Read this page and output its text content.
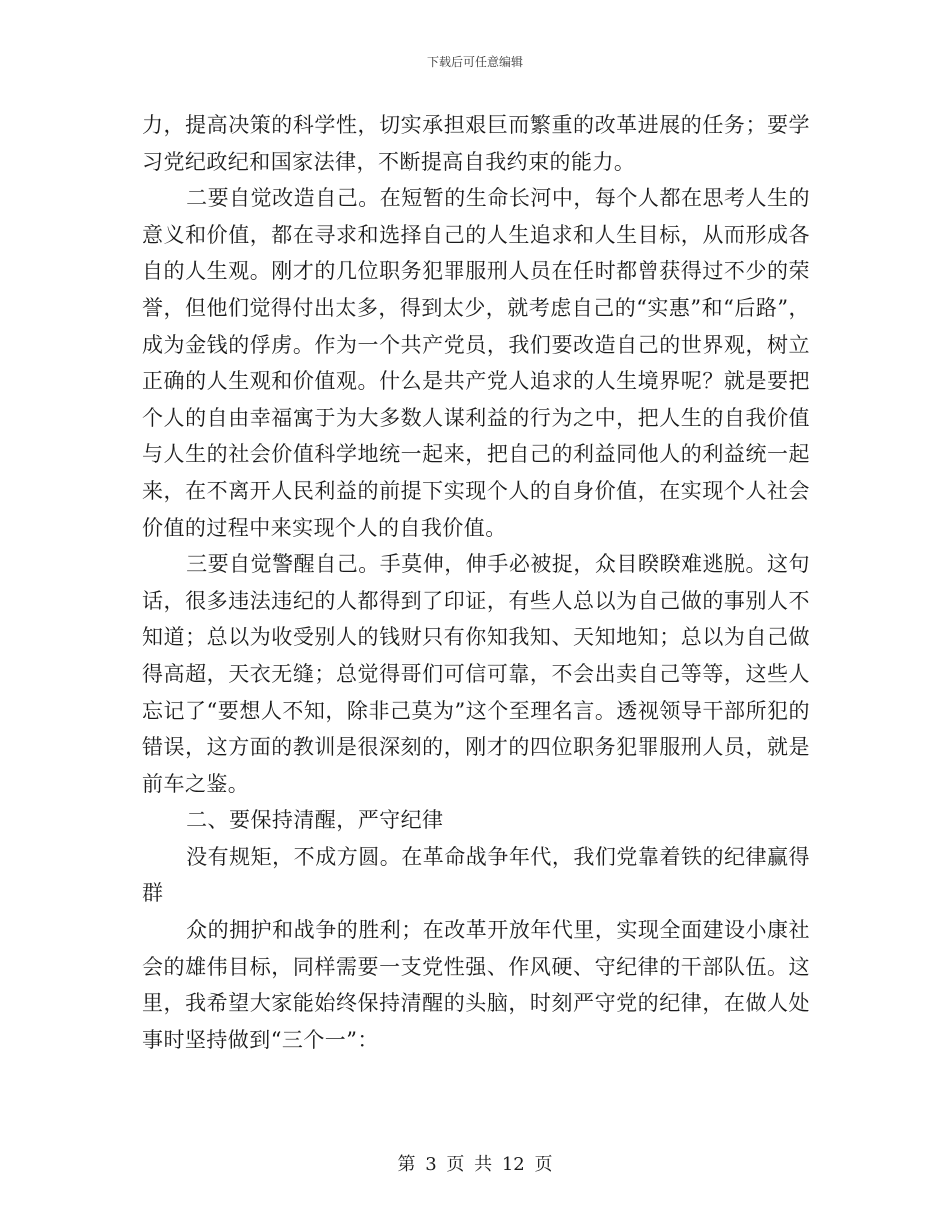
下载后可任意编辑

力，提高决策的科学性，切实承担艰巨而繁重的改革进展的任务；要学习党纪政纪和国家法律，不断提高自我约束的能力。

二要自觉改造自己。在短暂的生命长河中，每个人都在思考人生的意义和价值，都在寻求和选择自己的人生追求和人生目标，从而形成各自的人生观。刚才的几位职务犯罪服刑人员在任时都曾获得过不少的荣誉，但他们觉得付出太多，得到太少，就考虑自己的“实惠”和“后路”，成为金钱的俘虏。作为一个共产党员，我们要改造自己的世界观，树立正确的人生观和价值观。什么是共产党人追求的人生境界呢？就是要把个人的自由幸福寓于为大多数人谋利益的行为之中，把人生的自我价值与人生的社会价值科学地统一起来，把自己的利益同他人的利益统一起来，在不离开人民利益的前提下实现个人的自身价值，在实现个人社会价值的过程中来实现个人的自我价值。

三要自觉警醒自己。手莫伸，伸手必被捉，众目睽睽难逃脱。这句话，很多违法违纪的人都得到了印证，有些人总以为自己做的事别人不知道；总以为收受别人的钱财只有你知我知、天知地知；总以为自己做得高超，天衣无缝；总觉得哥们可信可靠，不会出卖自己等等，这些人忘记了“要想人不知，除非己莫为”这个至理名言。透视领导干部所犯的错误，这方面的教训是很深刻的，刚才的四位职务犯罪服刑人员，就是前车之鉴。

二、要保持清醒，严守纪律

没有规矩，不成方圆。在革命战争年代，我们党靠着铁的纪律赢得群

众的拥护和战争的胜利；在改革开放年代里，实现全面建设小康社会的雄伟目标，同样需要一支党性强、作风硬、守纪律的干部队伍。这里，我希望大家能始终保持清醒的头脑，时刻严守党的纪律，在做人处事时坚持做到“三个一”：

第 3 页 共 12 页
